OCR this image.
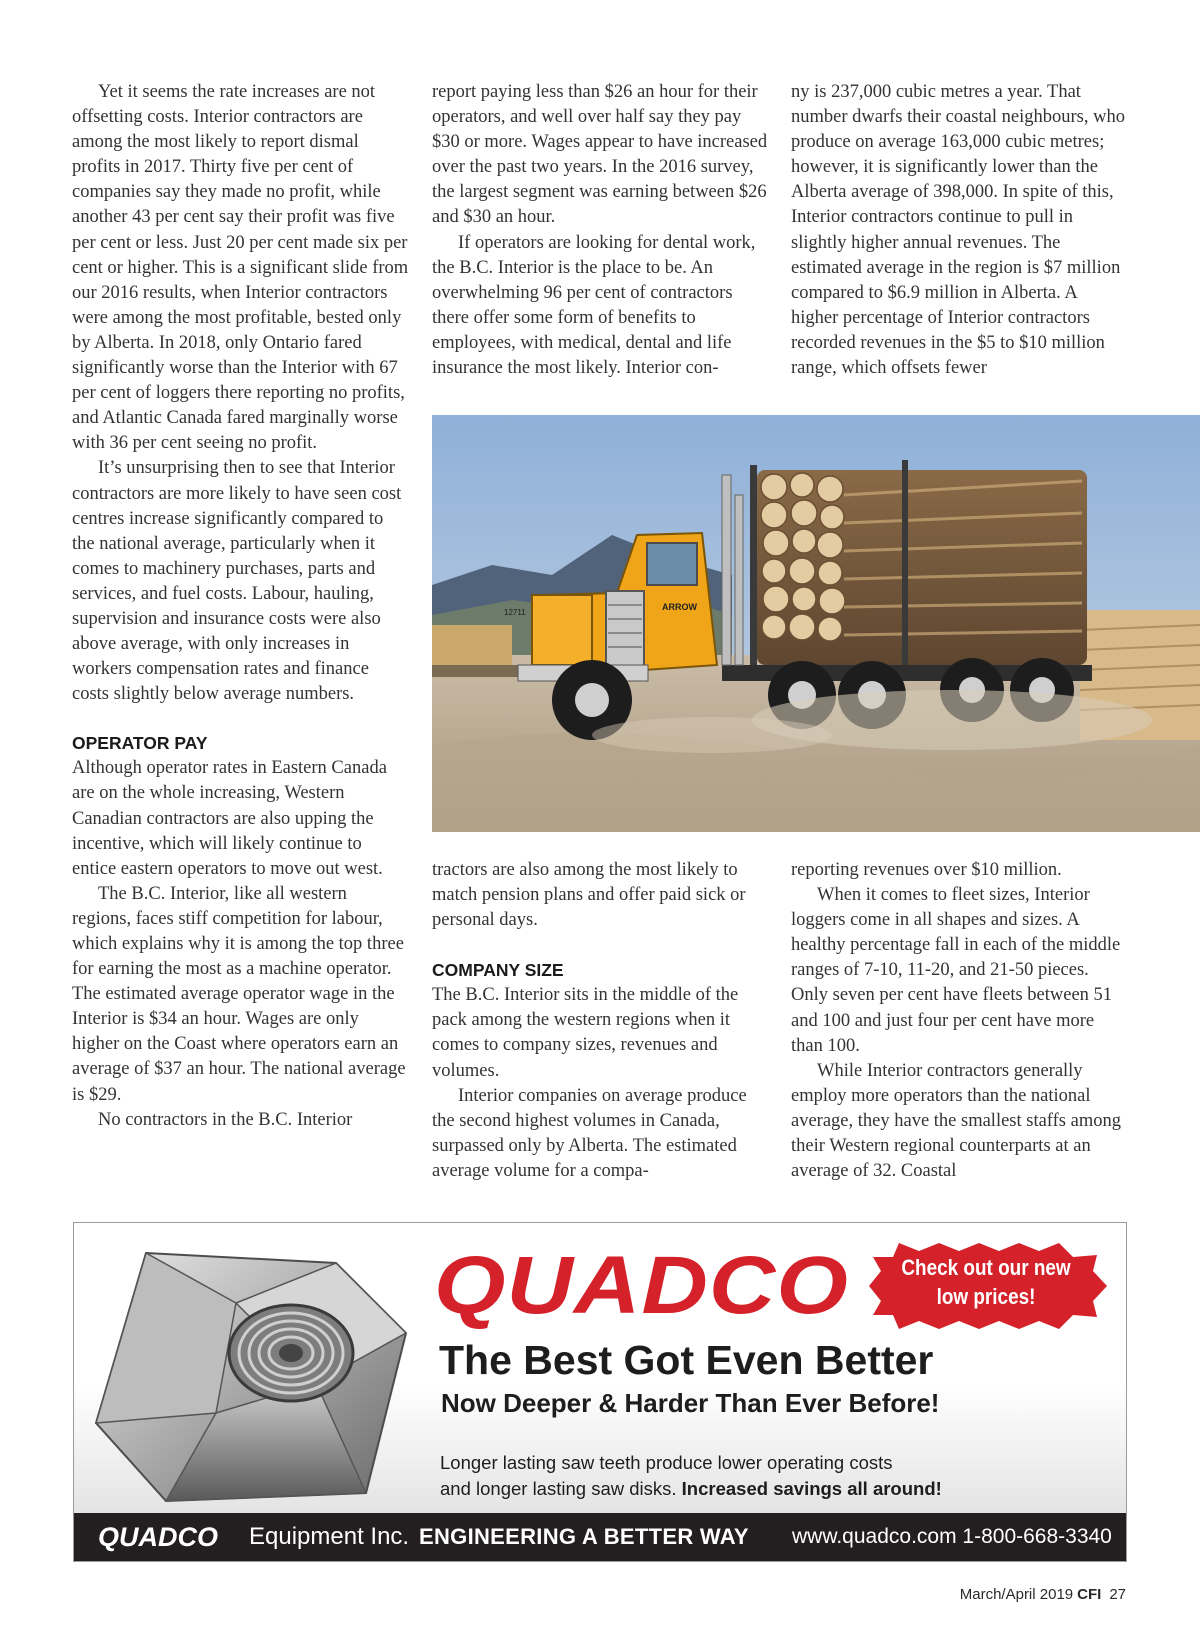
Yet it seems the rate increases are not offsetting costs. Interior contractors are among the most likely to report dismal profits in 2017. Thirty five per cent of companies say they made no profit, while another 43 per cent say their profit was five per cent or less. Just 20 per cent made six per cent or higher. This is a significant slide from our 2016 results, when Interior contractors were among the most profitable, bested only by Alberta. In 2018, only Ontario fared significantly worse than the Interior with 67 per cent of loggers there reporting no profits, and Atlantic Canada fared marginally worse with 36 per cent seeing no profit.

It’s unsurprising then to see that Interior contractors are more likely to have seen cost centres increase significantly compared to the national average, particularly when it comes to machinery purchases, parts and services, and fuel costs. Labour, hauling, supervision and insurance costs were also above average, with only increases in workers compensation rates and finance costs slightly below average numbers.

OPERATOR PAY

Although operator rates in Eastern Canada are on the whole increasing, Western Canadian contractors are also upping the incentive, which will likely continue to entice eastern operators to move out west.

The B.C. Interior, like all western regions, faces stiff competition for labour, which explains why it is among the top three for earning the most as a machine operator. The estimated average operator wage in the Interior is $34 an hour. Wages are only higher on the Coast where operators earn an average of $37 an hour. The national average is $29.

No contractors in the B.C. Interior

report paying less than $26 an hour for their operators, and well over half say they pay $30 or more. Wages appear to have increased over the past two years. In the 2016 survey, the largest segment was earning between $26 and $30 an hour.

If operators are looking for dental work, the B.C. Interior is the place to be. An overwhelming 96 per cent of contractors there offer some form of benefits to employees, with medical, dental and life insurance the most likely. Interior con-

ny is 237,000 cubic metres a year. That number dwarfs their coastal neighbours, who produce on average 163,000 cubic metres; however, it is significantly lower than the Alberta average of 398,000. In spite of this, Interior contractors continue to pull in slightly higher annual revenues. The estimated average in the region is $7 million compared to $6.9 million in Alberta. A higher percentage of Interior contractors recorded revenues in the $5 to $10 million range, which offsets fewer

ARROW
12711

tractors are also among the most likely to match pension plans and offer paid sick or personal days.

COMPANY SIZE

The B.C. Interior sits in the middle of the pack among the western regions when it comes to company sizes, revenues and volumes.

Interior companies on average produce the second highest volumes in Canada, surpassed only by Alberta. The estimated average volume for a compa-

reporting revenues over $10 million.

When it comes to fleet sizes, Interior loggers come in all shapes and sizes. A healthy percentage fall in each of the middle ranges of 7-10, 11-20, and 21-50 pieces. Only seven per cent have fleets between 51 and 100 and just four per cent have more than 100.

While Interior contractors generally employ more operators than the national average, they have the smallest staffs among their Western regional counterparts at an average of 32. Coastal

QUADCO	Check out our new
low prices!
The Best Got Even Better
Now Deeper & Harder Than Ever Before!
Longer lasting saw teeth produce lower operating costs
and longer lasting saw disks. Increased savings all around!
QUADCO Equipment Inc. ENGINEERING A BETTER WAY www.quadco.com 1-800-668-3340
March/April 2019 CFI 27
